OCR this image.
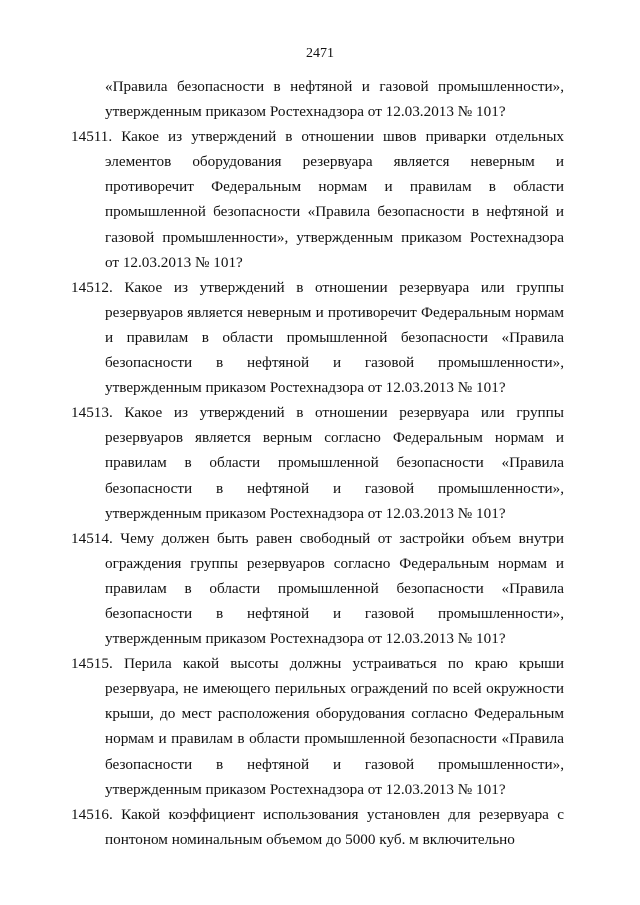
2471

«Правила безопасности в нефтяной и газовой промышленности», утвержденным приказом Ростехнадзора от 12.03.2013 № 101?

14511. Какое из утверждений в отношении швов приварки отдельных элементов оборудования резервуара является неверным и противоречит Федеральным нормам и правилам в области промышленной безопасности «Правила безопасности в нефтяной и газовой промышленности», утвержденным приказом Ростехнадзора от 12.03.2013 № 101?

14512. Какое из утверждений в отношении резервуара или группы резервуаров является неверным и противоречит Федеральным нормам и правилам в области промышленной безопасности «Правила безопасности в нефтяной и газовой промышленности», утвержденным приказом Ростехнадзора от 12.03.2013 № 101?

14513. Какое из утверждений в отношении резервуара или группы резервуаров является верным согласно Федеральным нормам и правилам в области промышленной безопасности «Правила безопасности в нефтяной и газовой промышленности», утвержденным приказом Ростехнадзора от 12.03.2013 № 101?

14514. Чему должен быть равен свободный от застройки объем внутри ограждения группы резервуаров согласно Федеральным нормам и правилам в области промышленной безопасности «Правила безопасности в нефтяной и газовой промышленности», утвержденным приказом Ростехнадзора от 12.03.2013 № 101?

14515. Перила какой высоты должны устраиваться по краю крыши резервуара, не имеющего перильных ограждений по всей окружности крыши, до мест расположения оборудования согласно Федеральным нормам и правилам в области промышленной безопасности «Правила безопасности в нефтяной и газовой промышленности», утвержденным приказом Ростехнадзора от 12.03.2013 № 101?

14516. Какой коэффициент использования установлен для резервуара с понтоном номинальным объемом до 5000 куб. м включительно
